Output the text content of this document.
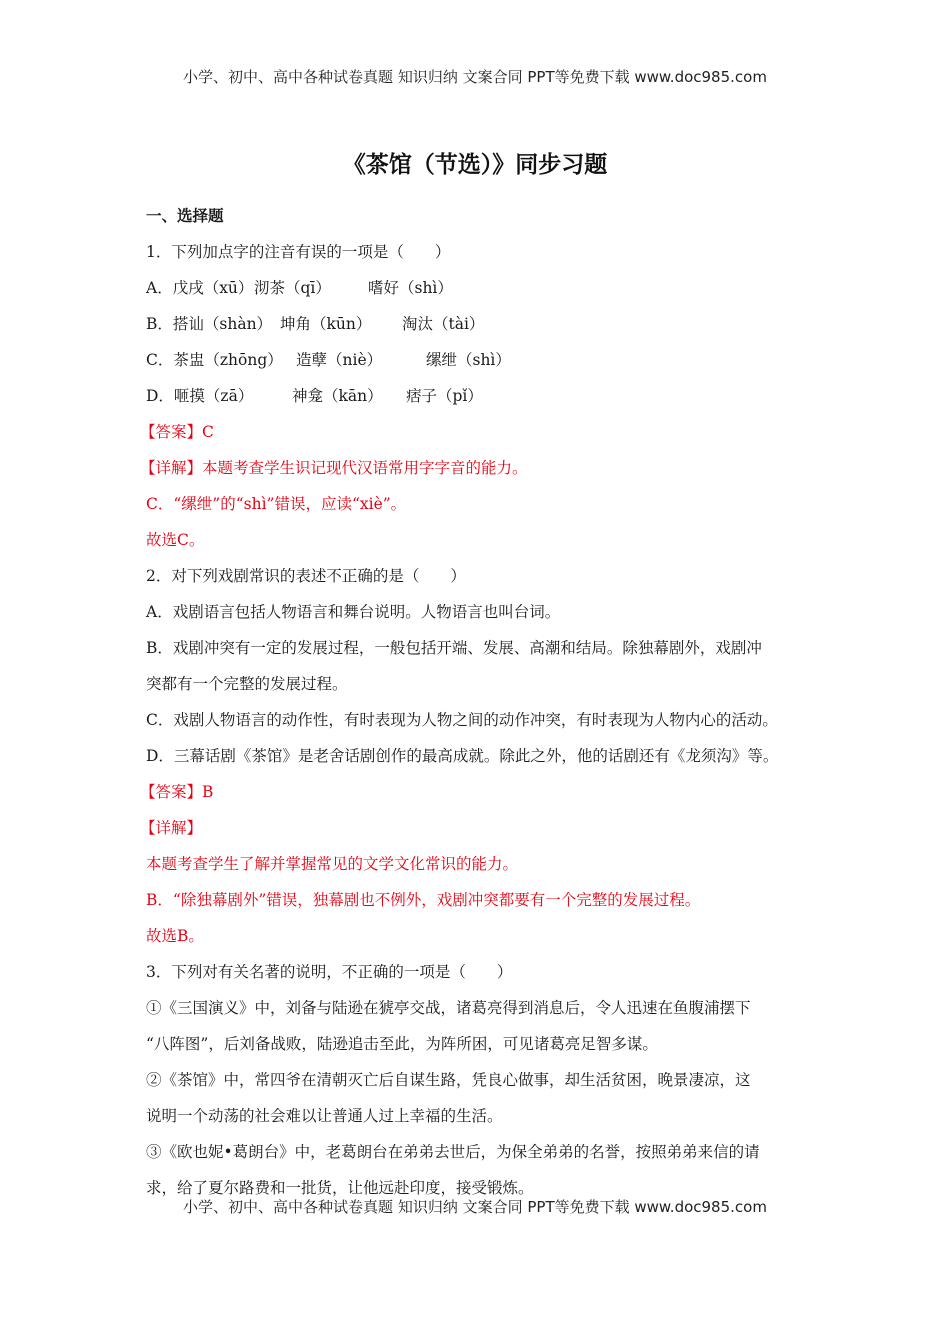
小学、初中、高中各种试卷真题 知识归纳 文案合同 PPT等免费下载 www.doc985.com
《茶馆（节选）》同步习题
一、选择题
1．下列加点字的注音有误的一项是（　　）
A．戊戌（xū） 沏茶（qī）	嗜好（shì）
B．搭讪（shàn） 坤角（kūn）	淘汰（tài）
C．茶盅（zhōng） 造孽（niè）	缧绁（shì）
D．咂摸（zā）	神龛（kān）	痞子（pǐ）
【答案】C
【详解】本题考查学生识记现代汉语常用字字音的能力。
C．“缧绁”的“shì”错误，应读“xiè”。
故选C。
2．对下列戏剧常识的表述不正确的是（　　）
A．戏剧语言包括人物语言和舞台说明。人物语言也叫台词。
B．戏剧冲突有一定的发展过程，一般包括开端、发展、高潮和结局。除独幕剧外，戏剧冲
突都有一个完整的发展过程。
C．戏剧人物语言的动作性，有时表现为人物之间的动作冲突，有时表现为人物内心的活动。
D．三幕话剧《茶馆》是老舍话剧创作的最高成就。除此之外，他的话剧还有《龙须沟》等。
【答案】B
【详解】
本题考查学生了解并掌握常见的文学文化常识的能力。
B．“除独幕剧外”错误，独幕剧也不例外，戏剧冲突都要有一个完整的发展过程。
故选B。
3．下列对有关名著的说明，不正确的一项是（　　）
①《三国演义》中，刘备与陆逊在猇亭交战，诸葛亮得到消息后，令人迅速在鱼腹浦摆下
“八阵图”，后刘备战败，陆逊追击至此，为阵所困，可见诸葛亮足智多谋。
②《茶馆》中，常四爷在清朝灭亡后自谋生路，凭良心做事，却生活贫困，晚景凄凉，这
说明一个动荡的社会难以让普通人过上幸福的生活。
③《欧也妮•葛朗台》中，老葛朗台在弟弟去世后，为保全弟弟的名誉，按照弟弟来信的请
求，给了夏尔路费和一批货，让他远赴印度，接受锻炼。
小学、初中、高中各种试卷真题 知识归纳 文案合同 PPT等免费下载 www.doc985.com
